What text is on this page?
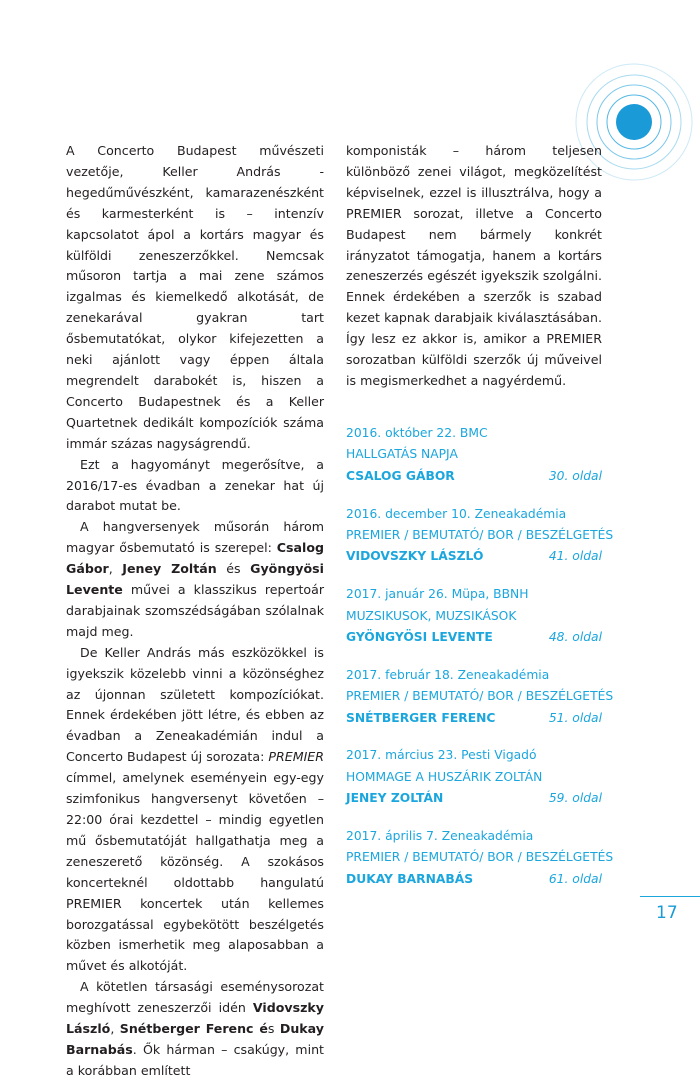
A Concerto Budapest művészeti vezetője, Keller András - hegedűművészként, kamarazenészként és karmesterként is – intenzív kapcsolatot ápol a kortárs magyar és külföldi zeneszerzőkkel. Nemcsak műsoron tartja a mai zene számos izgalmas és kiemelkedő alkotását, de zenekarával gyakran tart ősbemutatókat, olykor kifejezetten a neki ajánlott vagy éppen általa megrendelt darabokét is, hiszen a Concerto Budapestnek és a Keller Quartetnek dedikált kompozíciók száma immár százas nagyságrendű.

Ezt a hagyományt megerősítve, a 2016/17-es évadban a zenekar hat új darabot mutat be.

A hangversenyek műsorán három magyar ősbemutató is szerepel: Csalog Gábor, Jeney Zoltán és Gyöngyösi Levente művei a klasszikus repertoár darabjainak szomszédságában szólalnak majd meg.

De Keller András más eszközökkel is igyekszik közelebb vinni a közönséghez az újonnan született kompozíciókat. Ennek érdekében jött létre, és ebben az évadban a Zeneakadémián indul a Concerto Budapest új sorozata: PREMIER címmel, amelynek eseményein egy-egy szimfonikus hangversenyt követően – 22:00 órai kezdettel – mindig egyetlen mű ősbemutatóját hallgathatja meg a zeneszerető közönség. A szokásos koncerteknél oldottabb hangulatú PREMIER koncertek után kellemes borozgatással egybekötött beszélgetés közben ismerhetik meg alaposabban a művet és alkotóját.

A kötetlen társasági eseménysorozat meghívott zeneszerzői idén Vidovszky László, Snétberger Ferenc és Dukay Barnabás. Ők hárman – csakúgy, mint a korábban említett

komponisták – három teljesen különböző zenei világot, megközelítést képviselnek, ezzel is illusztrálva, hogy a PREMIER sorozat, illetve a Concerto Budapest nem bármely konkrét irányzatot támogatja, hanem a kortárs zeneszerzés egészét igyekszik szolgálni. Ennek érdekében a szerzők is szabad kezet kapnak darabjaik kiválasztásában. Így lesz ez akkor is, amikor a PREMIER sorozatban külföldi szerzők új műveivel is megismerkedhet a nagyérdemű.

2016. október 22. BMC
HALLGATÁS NAPJA
CSALOG GÁBOR	30. oldal
2016. december 10. Zeneakadémia
PREMIER / BEMUTATÓ/ BOR / BESZÉLGETÉS
VIDOVSZKY LÁSZLÓ	41. oldal
2017. január 26. Müpa, BBNH
MUZSIKUSOK, MUZSIKÁSOK
GYÖNGYÖSI LEVENTE	48. oldal
2017. február 18. Zeneakadémia
PREMIER / BEMUTATÓ/ BOR / BESZÉLGETÉS
SNÉTBERGER FERENC	51. oldal
2017. március 23. Pesti Vigadó
HOMMAGE A HUSZÁRIK ZOLTÁN
JENEY ZOLTÁN	59. oldal
2017. április 7. Zeneakadémia
PREMIER / BEMUTATÓ/ BOR / BESZÉLGETÉS
DUKAY BARNABÁS	61. oldal
17
